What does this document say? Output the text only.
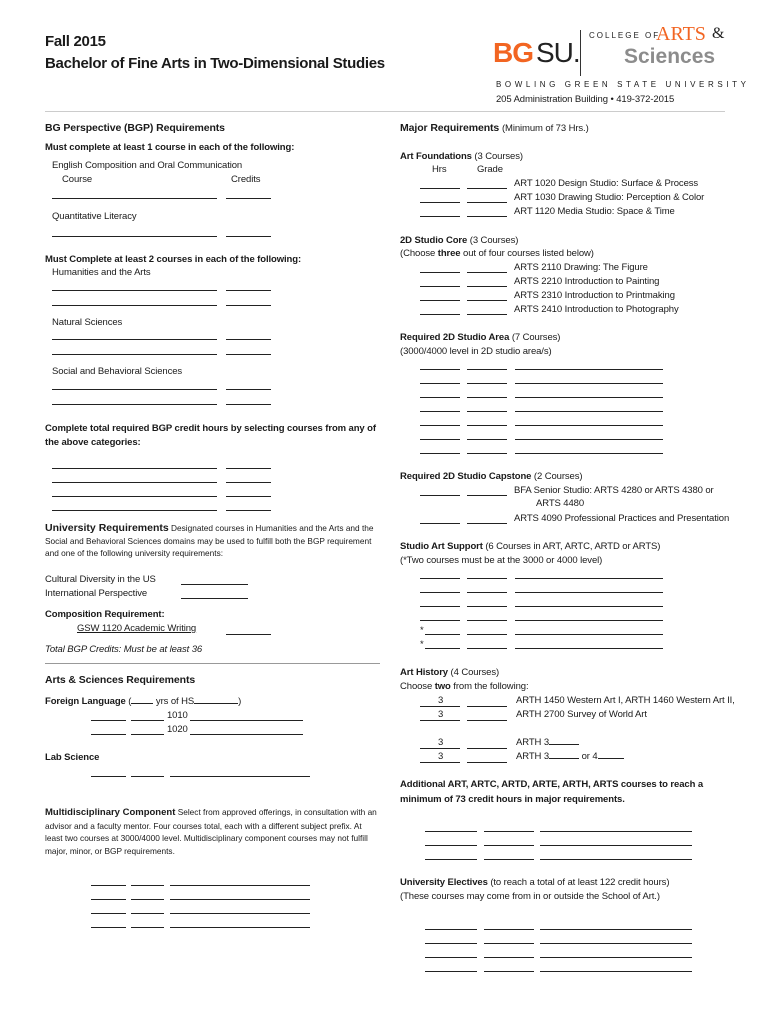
Fall 2015
Bachelor of Fine Arts in Two-Dimensional Studies	BG SU.
COLLEGE OF
ARTS &
Sciences
BOWLING GREEN STATE UNIVERSITY
205 Administration Building • 419-372-2015
BG Perspective (BGP) Requirements
Must complete at least 1 course in each of the following:
English Composition and Oral Communication
Course	Credits
Quantitative Literacy
Must Complete at least 2 courses in each of the following:
Humanities and the Arts
Natural Sciences
Social and Behavioral Sciences
Complete total required BGP credit hours by selecting courses from any of the above categories:
University Requirements Designated courses in Humanities and the Arts and the Social and Behavioral Sciences domains may be used to fulfill both the BGP requirement and one of the following university requirements:
Cultural Diversity in the US
International Perspective
Composition Requirement:
GSW 1120 Academic Writing
Total BGP Credits: Must be at least 36
Arts & Sciences Requirements
Foreign Language (	yrs of HS	)
1010
1020
Lab Science
Multidisciplinary Component Select from approved offerings, in consultation with an advisor and a faculty mentor. Four courses total, each with a different subject prefix. At least two courses at 3000/4000 level. Multidisciplinary component courses may not fulfill major, minor, or BGP requirements.
Major Requirements (Minimum of 73 Hrs.)
Art Foundations (3 Courses)
Hrs	Grade
ART 1020 Design Studio: Surface & Process
ART 1030 Drawing Studio: Perception & Color
ART 1120 Media Studio: Space & Time
2D Studio Core (3 Courses)
(Choose three out of four courses listed below)
ARTS 2110 Drawing: The Figure
ARTS 2210 Introduction to Painting
ARTS 2310 Introduction to Printmaking
ARTS 2410 Introduction to Photography
Required 2D Studio Area (7 Courses)
(3000/4000 level in 2D studio area/s)
Required 2D Studio Capstone (2 Courses)
BFA Senior Studio: ARTS 4280 or ARTS 4380 or
ARTS 4480
ARTS 4090 Professional Practices and Presentation
Studio Art Support (6 Courses in ART, ARTC, ARTD or ARTS)
(*Two courses must be at the 3000 or 4000 level)
*
*
Art History (4 Courses)
Choose two from the following:
3	ARTH 1450 Western Art I, ARTH 1460 Western Art II,
3	ARTH 2700 Survey of World Art
3	ARTH 3
3	ARTH 3	or 4
Additional ART, ARTC, ARTD, ARTE, ARTH, ARTS courses to reach a minimum of 73 credit hours in major requirements.
University Electives (to reach a total of at least 122 credit hours)
(These courses may come from in or outside the School of Art.)
